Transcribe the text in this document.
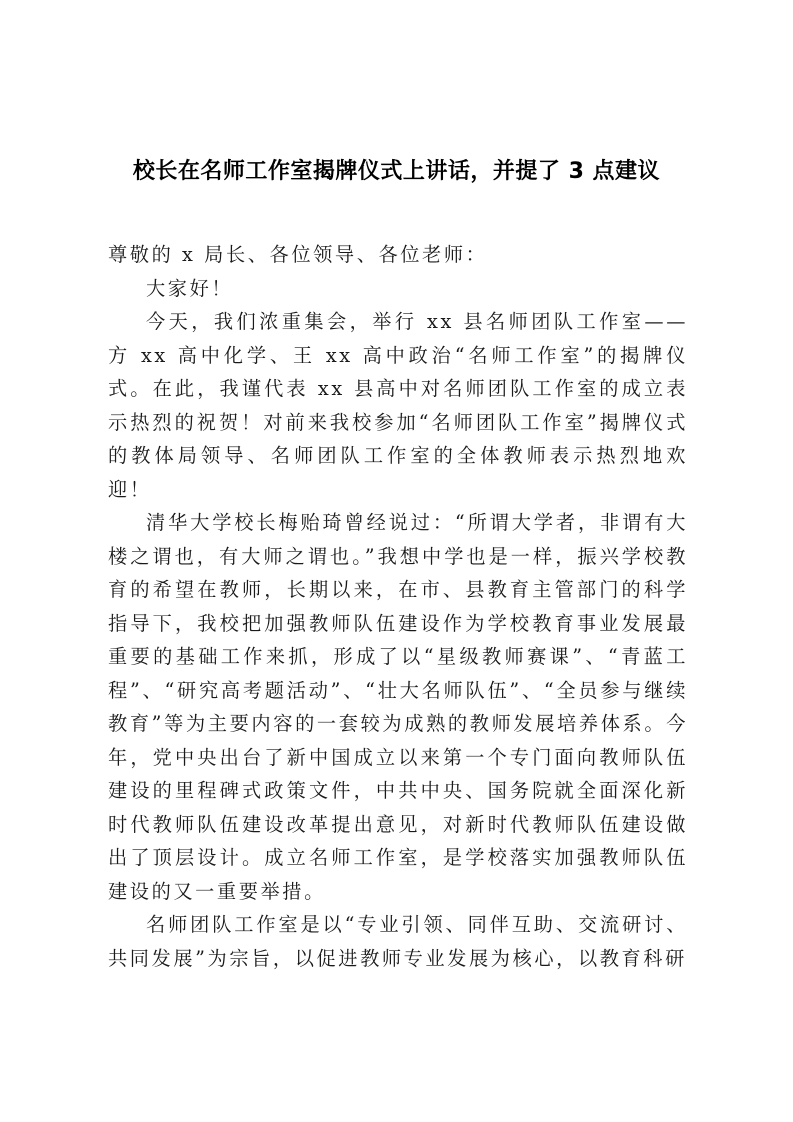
校长在名师工作室揭牌仪式上讲话，并提了 3 点建议

尊敬的 x 局长、各位领导、各位老师：

大家好！

今天，我们浓重集会，举行 xx 县名师团队工作室——方 xx 高中化学、王 xx 高中政治“名师工作室”的揭牌仪式。在此，我谨代表 xx 县高中对名师团队工作室的成立表示热烈的祝贺！对前来我校参加“名师团队工作室”揭牌仪式的教体局领导、名师团队工作室的全体教师表示热烈地欢迎！

清华大学校长梅贻琦曾经说过：“所谓大学者，非谓有大楼之谓也，有大师之谓也。”我想中学也是一样，振兴学校教育的希望在教师，长期以来，在市、县教育主管部门的科学指导下，我校把加强教师队伍建设作为学校教育事业发展最重要的基础工作来抓，形成了以“星级教师赛课”、“青蓝工程”、“研究高考题活动”、“壮大名师队伍”、“全员参与继续教育”等为主要内容的一套较为成熟的教师发展培养体系。今年，党中央出台了新中国成立以来第一个专门面向教师队伍建设的里程碑式政策文件，中共中央、国务院就全面深化新时代教师队伍建设改革提出意见，对新时代教师队伍建设做出了顶层设计。成立名师工作室，是学校落实加强教师队伍建设的又一重要举措。

名师团队工作室是以“专业引领、同伴互助、交流研讨、共同发展”为宗旨，以促进教师专业发展为核心，以教育科研
